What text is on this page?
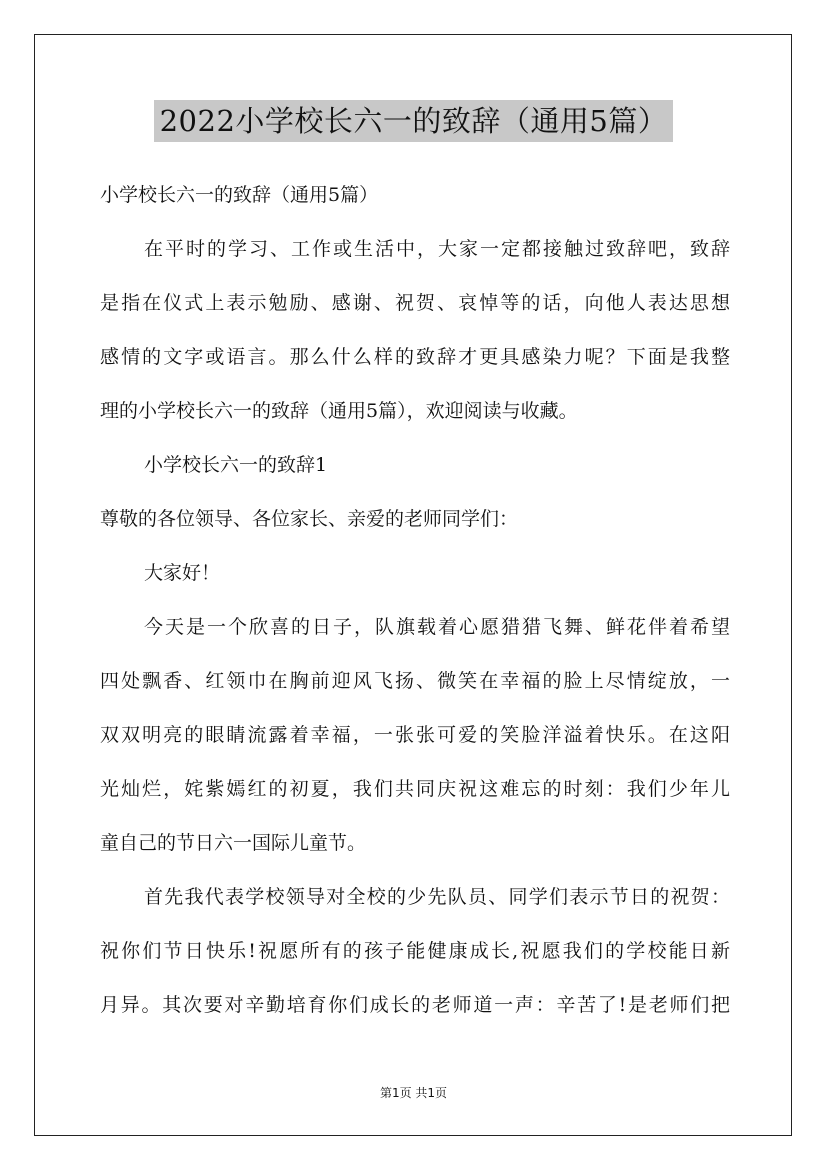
2022小学校长六一的致辞（通用5篇）
小学校长六一的致辞（通用5篇）
在平时的学习、工作或生活中，大家一定都接触过致辞吧，致辞
是指在仪式上表示勉励、感谢、祝贺、哀悼等的话，向他人表达思想
感情的文字或语言。那么什么样的致辞才更具感染力呢？下面是我整
理的小学校长六一的致辞（通用5篇），欢迎阅读与收藏。
小学校长六一的致辞1
尊敬的各位领导、各位家长、亲爱的老师同学们：
大家好！
今天是一个欣喜的日子，队旗载着心愿猎猎飞舞、鲜花伴着希望
四处飘香、红领巾在胸前迎风飞扬、微笑在幸福的脸上尽情绽放，一
双双明亮的眼睛流露着幸福，一张张可爱的笑脸洋溢着快乐。在这阳
光灿烂，姹紫嫣红的初夏，我们共同庆祝这难忘的时刻：我们少年儿
童自己的节日六一国际儿童节。
首先我代表学校领导对全校的少先队员、同学们表示节日的祝贺：
祝你们节日快乐!祝愿所有的孩子能健康成长,祝愿我们的学校能日新
月异。其次要对辛勤培育你们成长的老师道一声：辛苦了!是老师们把
第1页 共1页
